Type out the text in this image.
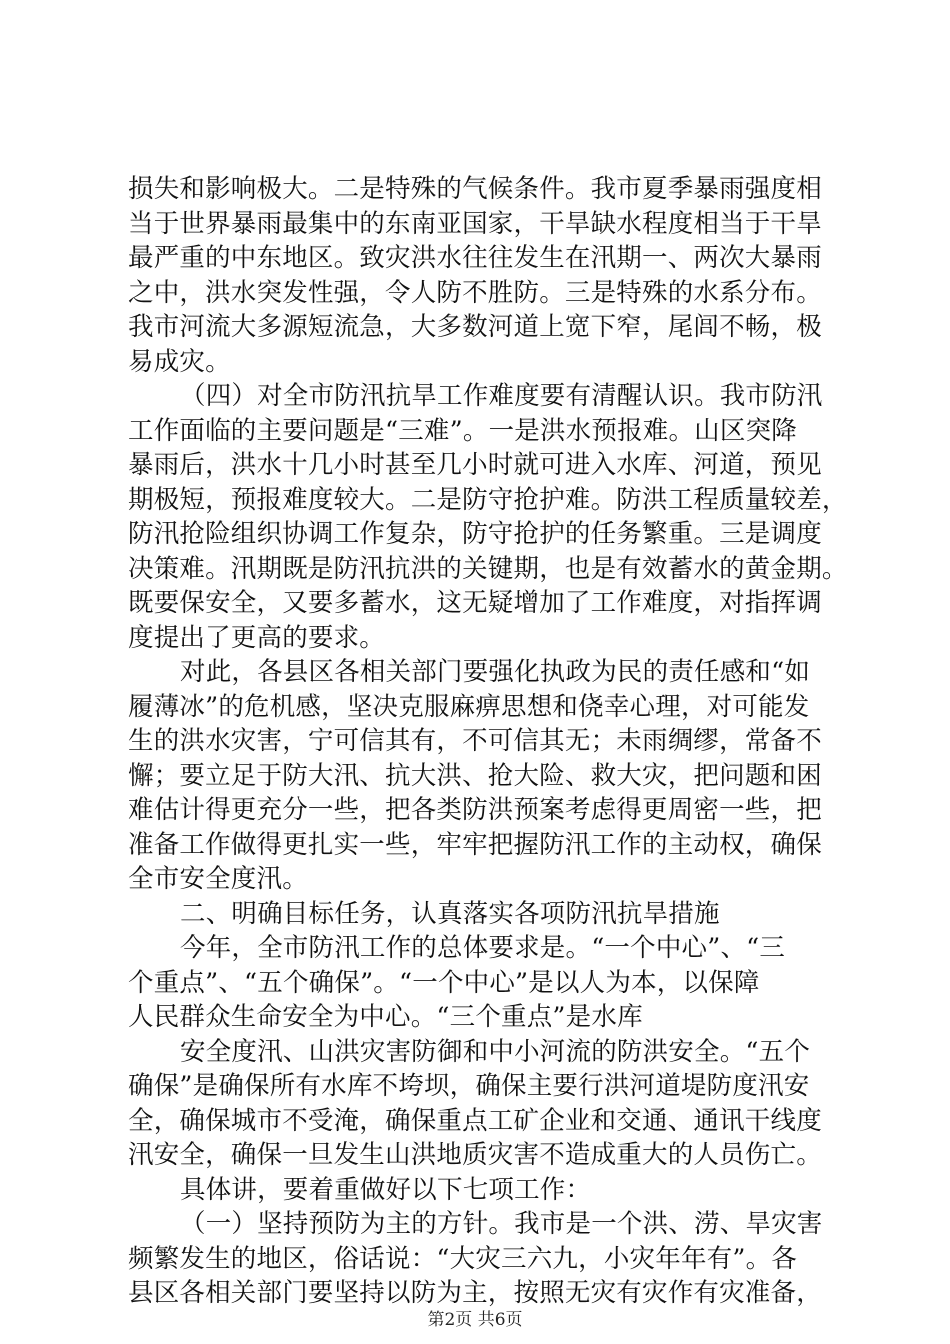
损失和影响极大。二是特殊的气候条件。我市夏季暴雨强度相
当于世界暴雨最集中的东南亚国家，干旱缺水程度相当于干旱
最严重的中东地区。致灾洪水往往发生在汛期一、两次大暴雨
之中，洪水突发性强，令人防不胜防。三是特殊的水系分布。
我市河流大多源短流急，大多数河道上宽下窄，尾闾不畅，极
易成灾。
（四）对全市防汛抗旱工作难度要有清醒认识。我市防汛
工作面临的主要问题是“三难”。一是洪水预报难。山区突降
暴雨后，洪水十几小时甚至几小时就可进入水库、河道，预见
期极短，预报难度较大。二是防守抢护难。防洪工程质量较差，
防汛抢险组织协调工作复杂，防守抢护的任务繁重。三是调度
决策难。汛期既是防汛抗洪的关键期，也是有效蓄水的黄金期。
既要保安全，又要多蓄水，这无疑增加了工作难度，对指挥调
度提出了更高的要求。
对此，各县区各相关部门要强化执政为民的责任感和“如
履薄冰”的危机感，坚决克服麻痹思想和侥幸心理，对可能发
生的洪水灾害，宁可信其有，不可信其无；未雨绸缪，常备不
懈；要立足于防大汛、抗大洪、抢大险、救大灾，把问题和困
难估计得更充分一些，把各类防洪预案考虑得更周密一些，把
准备工作做得更扎实一些，牢牢把握防汛工作的主动权，确保
全市安全度汛。
二、明确目标任务，认真落实各项防汛抗旱措施
今年，全市防汛工作的总体要求是。“一个中心”、“三
个重点”、“五个确保”。“一个中心”是以人为本，以保障
人民群众生命安全为中心。“三个重点”是水库
安全度汛、山洪灾害防御和中小河流的防洪安全。“五个
确保”是确保所有水库不垮坝，确保主要行洪河道堤防度汛安
全，确保城市不受淹，确保重点工矿企业和交通、通讯干线度
汛安全，确保一旦发生山洪地质灾害不造成重大的人员伤亡。
具体讲，要着重做好以下七项工作：
（一）坚持预防为主的方针。我市是一个洪、涝、旱灾害
频繁发生的地区，俗话说：“大灾三六九，小灾年年有”。各
县区各相关部门要坚持以防为主，按照无灾有灾作有灾准备，
第2页 共6页
